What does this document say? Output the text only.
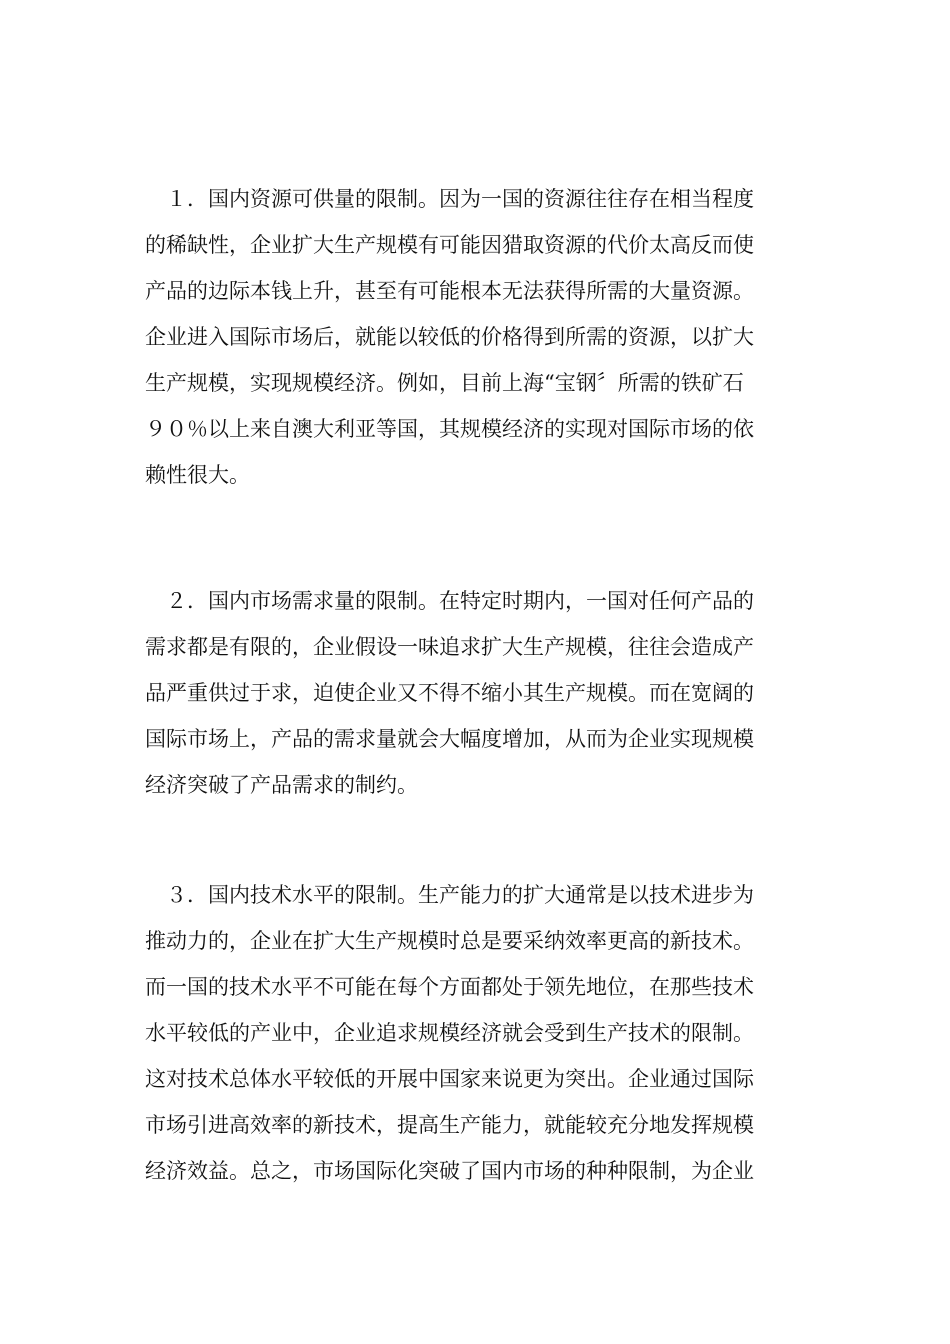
　１．国内资源可供量的限制。因为一国的资源往往存在相当程度
的稀缺性，企业扩大生产规模有可能因猎取资源的代价太高反而使
产品的边际本钱上升，甚至有可能根本无法获得所需的大量资源。
企业进入国际市场后，就能以较低的价格得到所需的资源，以扩大
生产规模，实现规模经济。例如，目前上海“宝钢〞所需的铁矿石
９０％以上来自澳大利亚等国，其规模经济的实现对国际市场的依
赖性很大。
　２．国内市场需求量的限制。在特定时期内，一国对任何产品的
需求都是有限的，企业假设一味追求扩大生产规模，往往会造成产
品严重供过于求，迫使企业又不得不缩小其生产规模。而在宽阔的
国际市场上，产品的需求量就会大幅度增加，从而为企业实现规模
经济突破了产品需求的制约。
　３．国内技术水平的限制。生产能力的扩大通常是以技术进步为
推动力的，企业在扩大生产规模时总是要采纳效率更高的新技术。
而一国的技术水平不可能在每个方面都处于领先地位，在那些技术
水平较低的产业中，企业追求规模经济就会受到生产技术的限制。
这对技术总体水平较低的开展中国家来说更为突出。企业通过国际
市场引进高效率的新技术，提高生产能力，就能较充分地发挥规模
经济效益。总之，市场国际化突破了国内市场的种种限制，为企业
